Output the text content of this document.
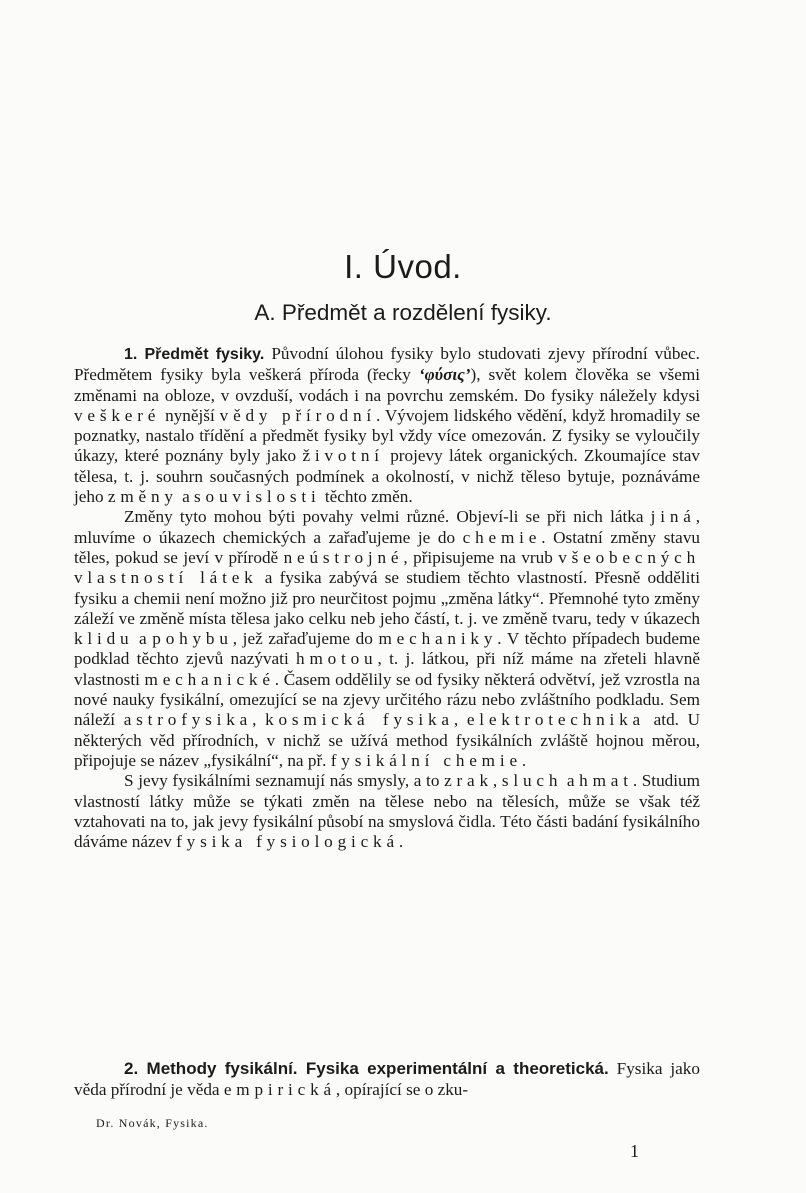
I. Úvod.
A. Předmět a rozdělení fysiky.

1. Předmět fysiky. Původní úlohou fysiky bylo studovati zjevy přírodní vůbec. Předmětem fysiky byla veškerá příroda (řecky ‘φύσις’), svět kolem člověka se všemi změnami na obloze, v ovzduší, vodách i na povrchu zemském. Do fysiky náležely kdysi veškeré nynější vědy přírodní. Vývojem lidského vědění, když hromadily se poznatky, nastalo třídění a předmět fysiky byl vždy více omezován. Z fysiky se vyloučily úkazy, které poznány byly jako životní projevy látek organických. Zkoumajíce stav tělesa, t. j. souhrn současných podmínek a okolností, v nichž těleso bytuje, poznáváme jeho změny a souvislosti těchto změn.

Změny tyto mohou býti povahy velmi různé. Objeví-li se při nich látka jiná, mluvíme o úkazech chemických a zařaďujeme je do chemie. Ostatní změny stavu těles, pokud se jeví v přírodě neústrojné, připisujeme na vrub všeobecných vlastností látek a fysika zabývá se studiem těchto vlastností. Přesně odděliti fysiku a chemii není možno již pro neurčitost pojmu „změna látky“. Přemnohé tyto změny záleží ve změně místa tělesa jako celku neb jeho částí, t. j. ve změně tvaru, tedy v úkazech klidu a pohybu, jež zařaďujeme do mechaniky. V těchto případech budeme podklad těchto zjevů nazývati hmotou, t. j. látkou, při níž máme na zřeteli hlavně vlastnosti mechanické. Časem oddělily se od fysiky některá odvětví, jež vzrostla na nové nauky fysikální, omezující se na zjevy určitého rázu nebo zvláštního podkladu. Sem náleží astrofysika, kosmická fysika, elektrotechnika atd. U některých věd přírodních, v nichž se užívá method fysikálních zvláště hojnou měrou, připojuje se název „fysikální“, na př. fysikální chemie.

S jevy fysikálními seznamují nás smysly, a to zrak, sluch a hmat. Studium vlastností látky může se týkati změn na tělese nebo na tělesích, může se však též vztahovati na to, jak jevy fysikální působí na smyslová čidla. Této části badání fysikálního dáváme název fysika fysiologická.

2. Methody fysikální. Fysika experimentální a theoretická. Fysika jako věda přírodní je věda empirická, opírající se o zku-

Dr. Novák, Fysika.
1
